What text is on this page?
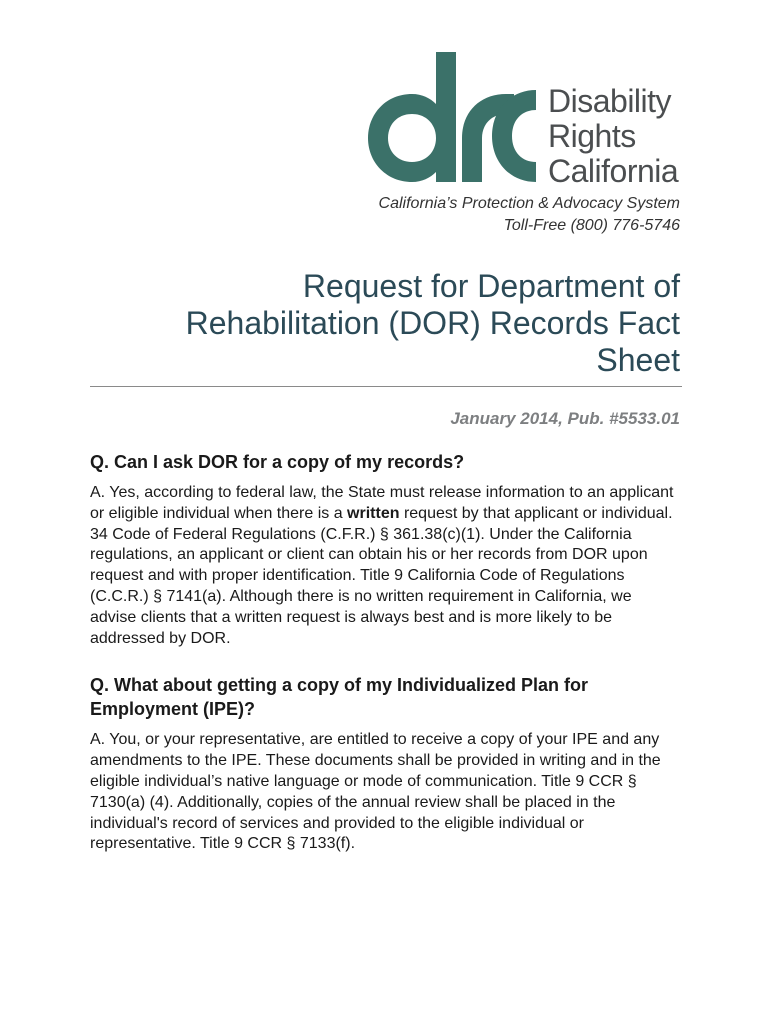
Disability
Rights
California
California’s Protection & Advocacy System
Toll-Free (800) 776-5746
Request for Department of Rehabilitation (DOR) Records Fact Sheet
January 2014, Pub. #5533.01

Q. Can I ask DOR for a copy of my records?

A. Yes, according to federal law, the State must release information to an applicant or eligible individual when there is a written request by that applicant or individual. 34 Code of Federal Regulations (C.F.R.) § 361.38(c)(1). Under the California regulations, an applicant or client can obtain his or her records from DOR upon request and with proper identification. Title 9 California Code of Regulations (C.C.R.) § 7141(a). Although there is no written requirement in California, we advise clients that a written request is always best and is more likely to be addressed by DOR.

Q. What about getting a copy of my Individualized Plan for Employment (IPE)?

A. You, or your representative, are entitled to receive a copy of your IPE and any amendments to the IPE. These documents shall be provided in writing and in the eligible individual’s native language or mode of communication. Title 9 CCR § 7130(a) (4). Additionally, copies of the annual review shall be placed in the individual's record of services and provided to the eligible individual or representative. Title 9 CCR § 7133(f).
